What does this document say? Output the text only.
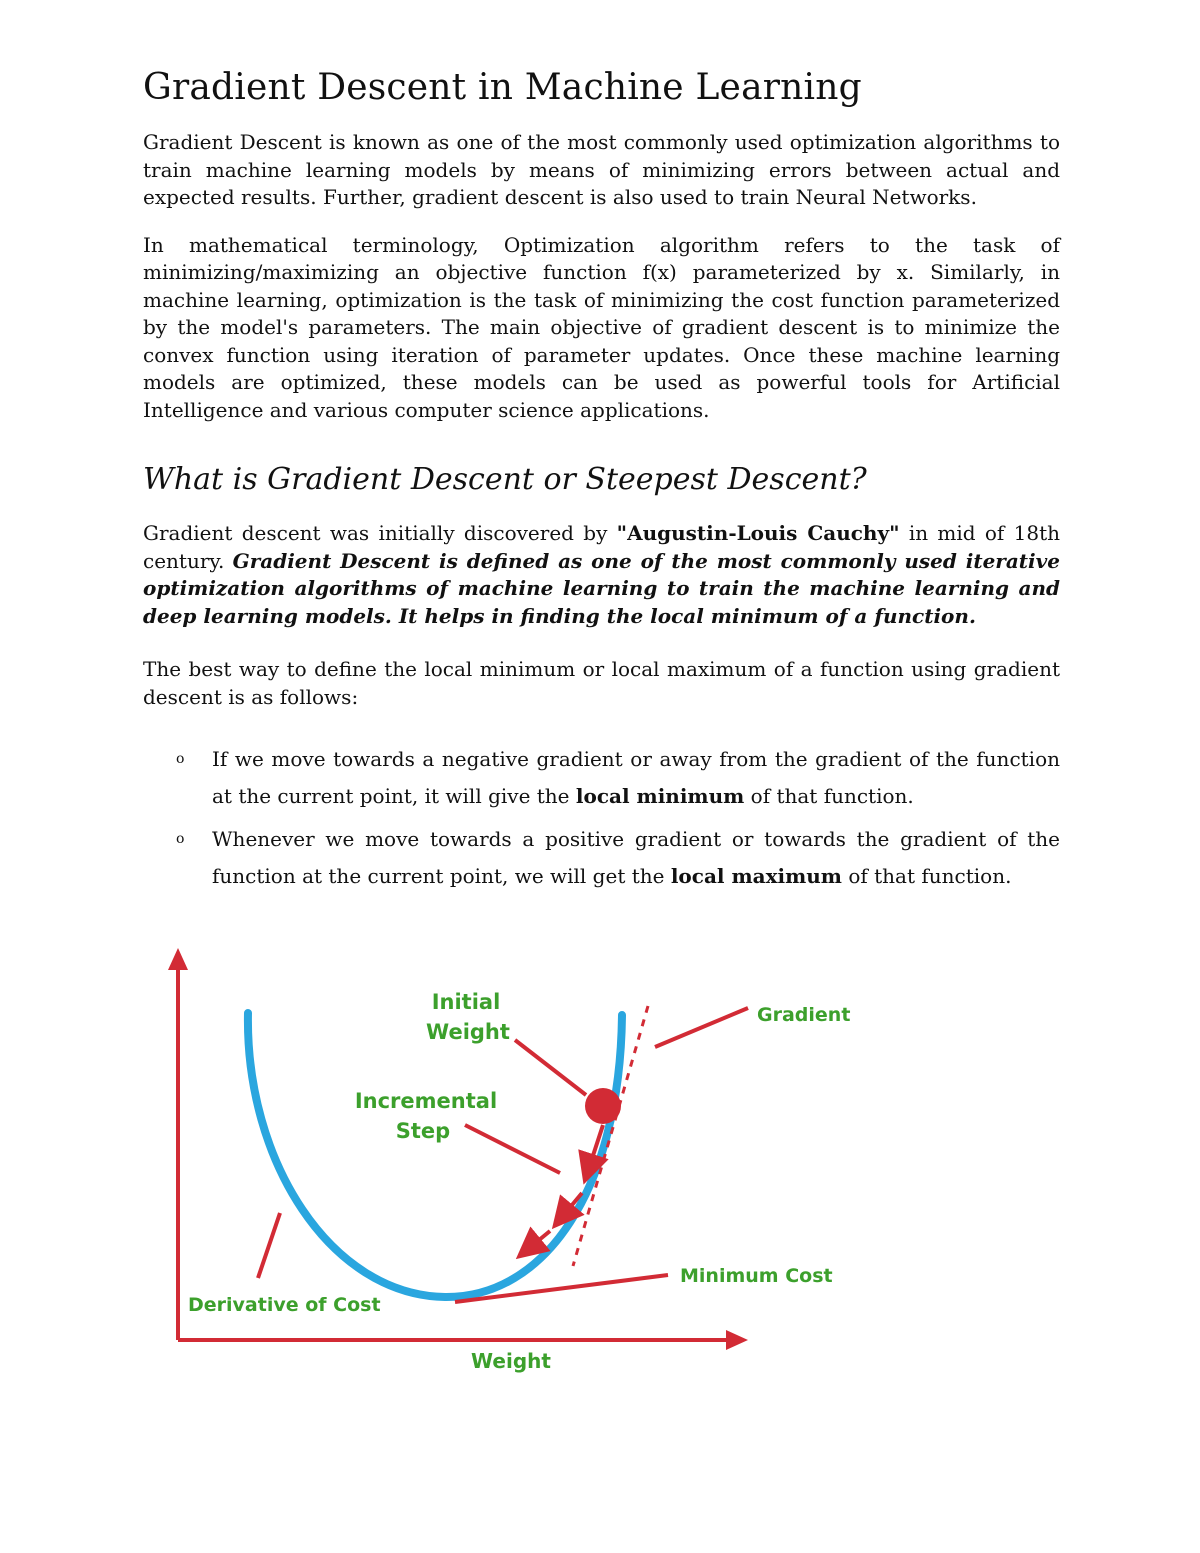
Gradient Descent in Machine Learning

Gradient Descent is known as one of the most commonly used optimization algorithms to train machine learning models by means of minimizing errors between actual and expected results. Further, gradient descent is also used to train Neural Networks.

In mathematical terminology, Optimization algorithm refers to the task of minimizing/maximizing an objective function f(x) parameterized by x. Similarly, in machine learning, optimization is the task of minimizing the cost function parameterized by the model's parameters. The main objective of gradient descent is to minimize the convex function using iteration of parameter updates. Once these machine learning models are optimized, these models can be used as powerful tools for Artificial Intelligence and various computer science applications.

What is Gradient Descent or Steepest Descent?

Gradient descent was initially discovered by "Augustin-Louis Cauchy" in mid of 18th century. Gradient Descent is defined as one of the most commonly used iterative optimization algorithms of machine learning to train the machine learning and deep learning models. It helps in finding the local minimum of a function.

The best way to define the local minimum or local maximum of a function using gradient descent is as follows:

o If we move towards a negative gradient or away from the gradient of the function at the current point, it will give the local minimum of that function.
o Whenever we move towards a positive gradient or towards the gradient of the function at the current point, we will get the local maximum of that function.
Initial
Weight
Incremental
Step
Gradient
Minimum Cost
Derivative of Cost
Weight
